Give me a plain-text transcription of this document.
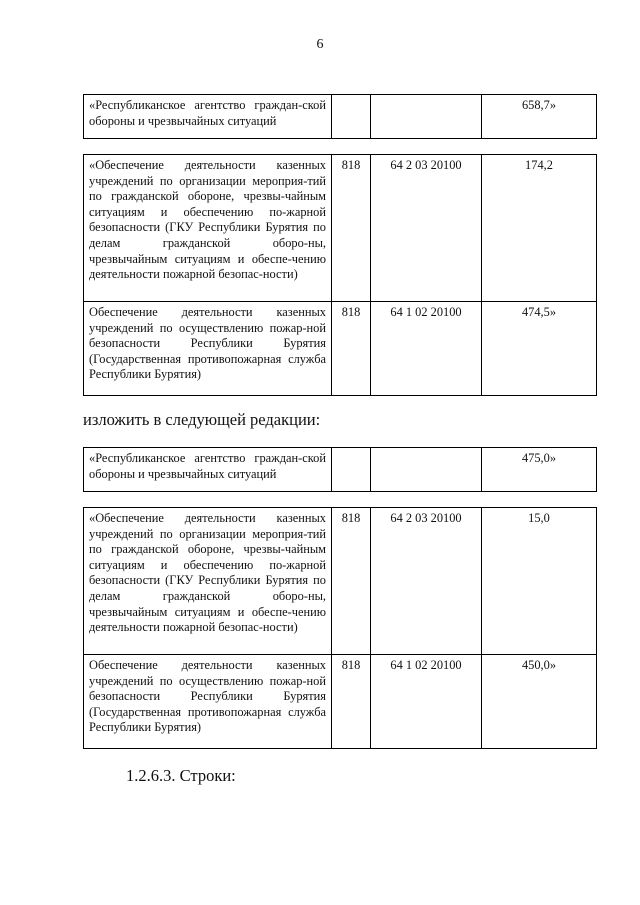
6
«Республиканское агентство граждан-ской обороны и чрезвычайных ситуаций			658,7»
«Обеспечение деятельности казенных учреждений по организации мероприя-тий по гражданской обороне, чрезвы-чайным ситуациям и обеспечению по-жарной безопасности (ГКУ Республики Бурятия по делам гражданской оборо-ны, чрезвычайным ситуациям и обеспе-чению деятельности пожарной безопас-ности)	818	64 2 03 20100	174,2
Обеспечение деятельности казенных учреждений по осуществлению пожар-ной безопасности Республики Бурятия (Государственная противопожарная служба Республики Бурятия)	818	64 1 02 20100	474,5»
изложить в следующей редакции:
«Республиканское агентство граждан-ской обороны и чрезвычайных ситуаций			475,0»
«Обеспечение деятельности казенных учреждений по организации мероприя-тий по гражданской обороне, чрезвы-чайным ситуациям и обеспечению по-жарной безопасности (ГКУ Республики Бурятия по делам гражданской оборо-ны, чрезвычайным ситуациям и обеспе-чению деятельности пожарной безопас-ности)	818	64 2 03 20100	15,0
Обеспечение деятельности казенных учреждений по осуществлению пожар-ной безопасности Республики Бурятия (Государственная противопожарная служба Республики Бурятия)	818	64 1 02 20100	450,0»
1.2.6.3. Строки:
